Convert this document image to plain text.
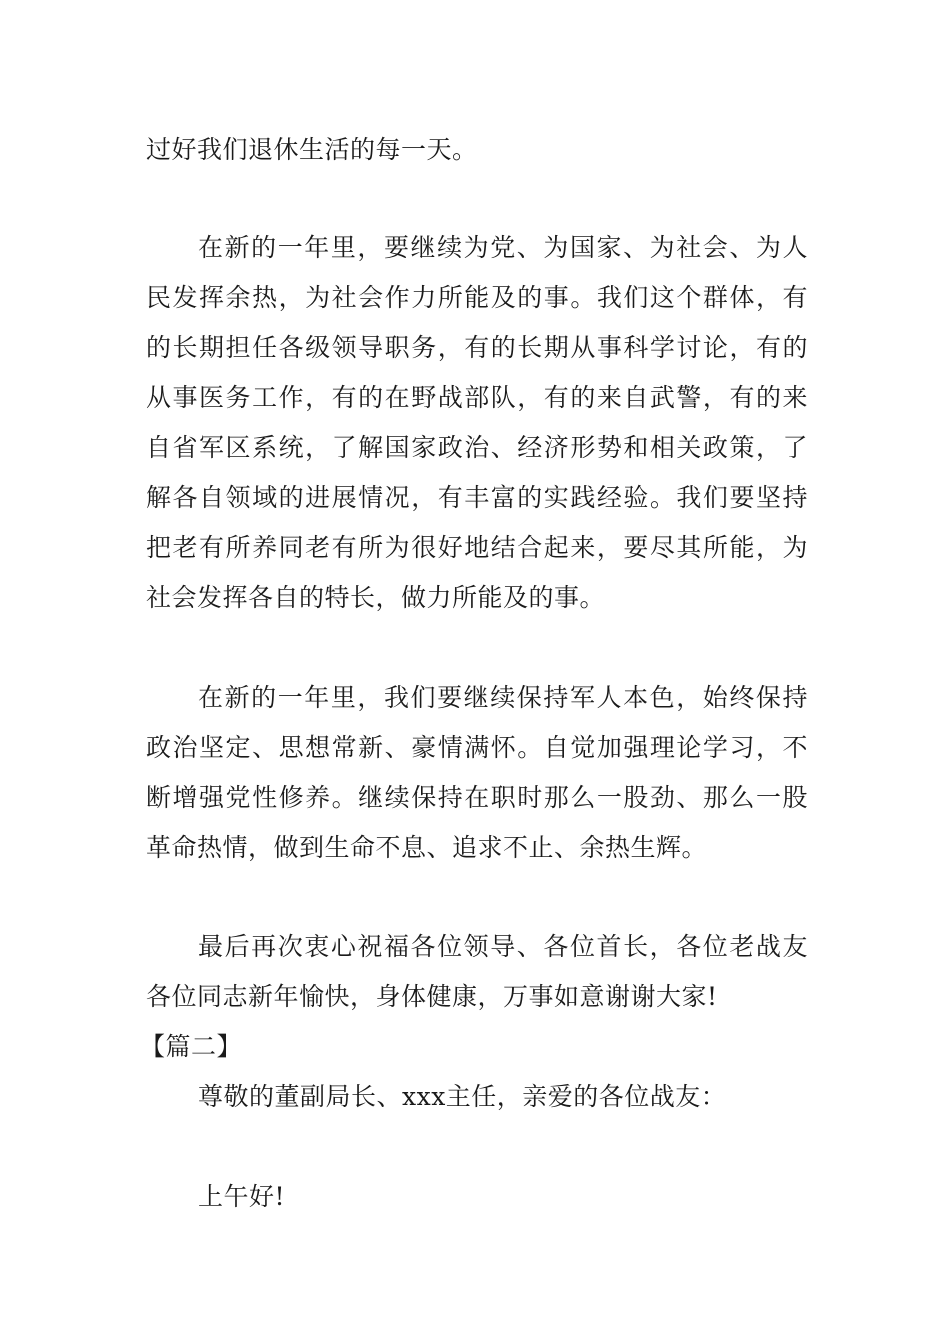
过好我们退休生活的每一天。

在新的一年里，要继续为党、为国家、为社会、为人民发挥余热，为社会作力所能及的事。我们这个群体，有的长期担任各级领导职务，有的长期从事科学讨论，有的从事医务工作，有的在野战部队，有的来自武警，有的来自省军区系统，了解国家政治、经济形势和相关政策，了解各自领域的进展情况，有丰富的实践经验。我们要坚持把老有所养同老有所为很好地结合起来，要尽其所能，为社会发挥各自的特长，做力所能及的事。

在新的一年里，我们要继续保持军人本色，始终保持政治坚定、思想常新、豪情满怀。自觉加强理论学习，不断增强党性修养。继续保持在职时那么一股劲、那么一股革命热情，做到生命不息、追求不止、余热生辉。

最后再次衷心祝福各位领导、各位首长，各位老战友各位同志新年愉快，身体健康，万事如意谢谢大家!

【篇二】

尊敬的董副局长、xxx主任，亲爱的各位战友：

上午好!
